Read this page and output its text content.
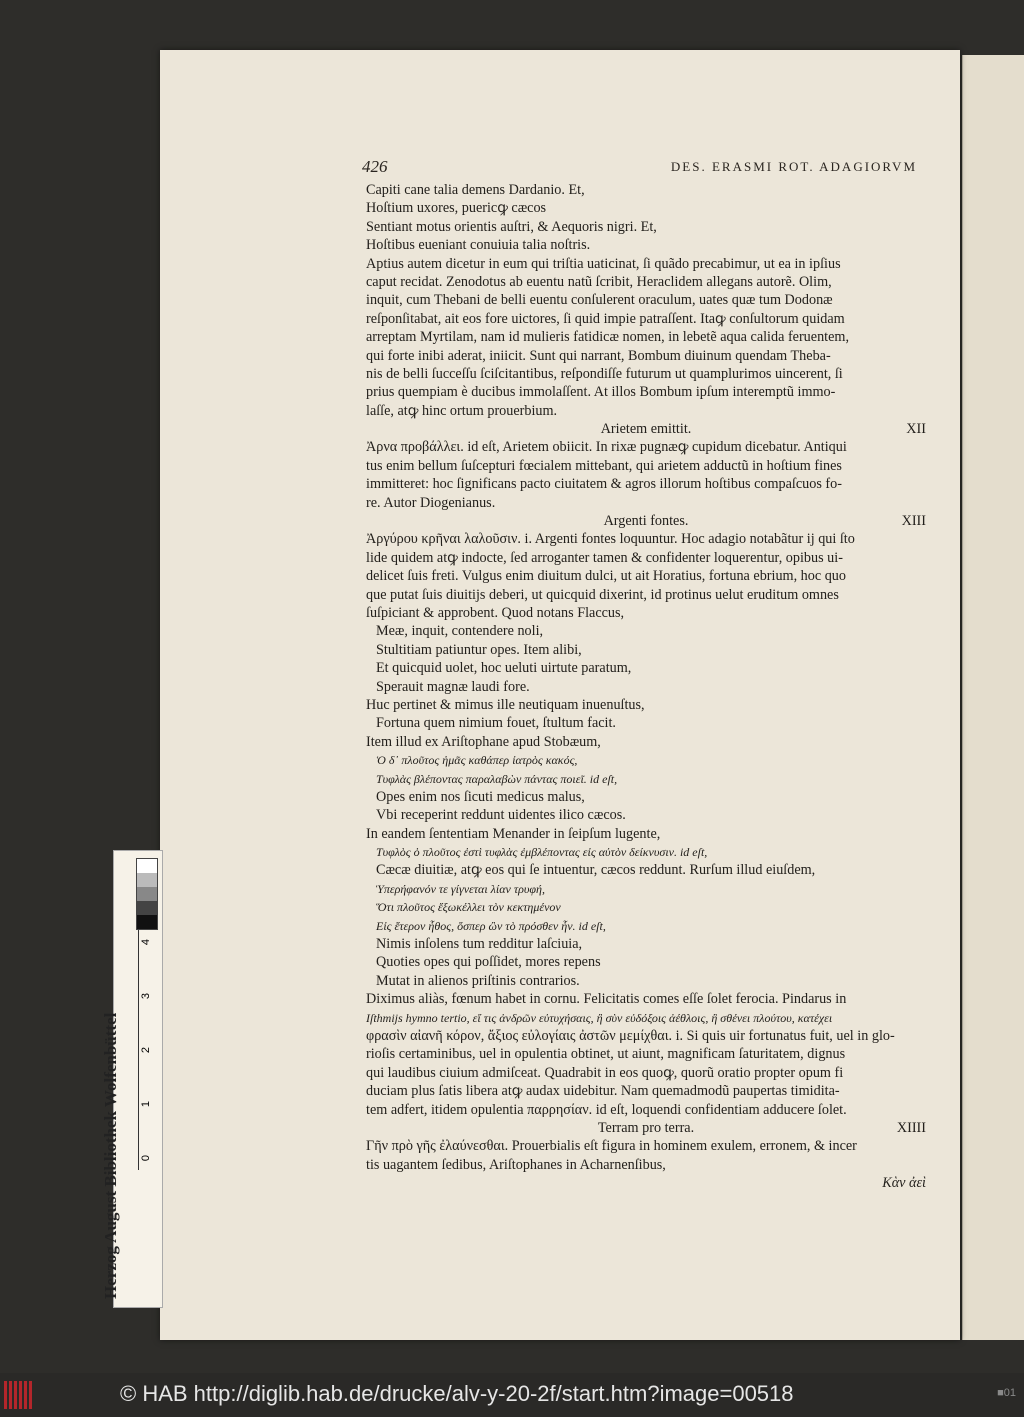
426	DES. ERASMI ROT. ADAGIORVM
Capiti cane talia demens Dardanio. Et,
Hoſtium uxores, puericꝙ cæcos
Sentiant motus orientis auſtri, & Aequoris nigri. Et,
Hoſtibus eueniant conuiuia talia noſtris.
Aptius autem dicetur in eum qui triſtia uaticinat, ſi quãdo precabimur, ut ea in ipſius
caput recidat. Zenodotus ab euentu natũ ſcribit, Heraclidem allegans autorẽ. Olim,
inquit, cum Thebani de belli euentu conſulerent oraculum, uates quæ tum Dodonæ
reſponſitabat, ait eos fore uictores, ſi quid impie patraſſent. Itaꝙ conſultorum quidam
arreptam Myrtilam, nam id mulieris fatidicæ nomen, in lebetẽ aqua calida feruentem,
qui forte inibi aderat, iniicit. Sunt qui narrant, Bombum diuinum quendam Theba-
nis de belli ſucceſſu ſciſcitantibus, reſpondiſſe futurum ut quamplurimos uincerent, ſi
prius quempiam è ducibus immolaſſent. At illos Bombum ipſum interemptũ immo-
laſſe, atꝙ hinc ortum prouerbium.
Arietem emittit.	XII
Ἀρνα προβάλλει. id eſt, Arietem obiicit. In rixæ pugnæꝙ cupidum dicebatur. Antiqui
tus enim bellum ſuſcepturi fœcialem mittebant, qui arietem adductũ in hoſtium fines
immitteret: hoc ſignificans pacto ciuitatem & agros illorum hoſtibus compaſcuos fo-
re. Autor Diogenianus.
Argenti fontes.	XIII
Ἀργύρου κρῆναι λαλοῦσιν. i. Argenti fontes loquuntur. Hoc adagio notabãtur ij qui ſto
lide quidem atꝙ indocte, ſed arroganter tamen & confidenter loquerentur, opibus ui-
delicet ſuis freti. Vulgus enim diuitum dulci, ut ait Horatius, fortuna ebrium, hoc quo
que putat ſuis diuitijs deberi, ut quicquid dixerint, id protinus uelut eruditum omnes
ſuſpiciant & approbent. Quod notans Flaccus,
Meæ, inquit, contendere noli,
Stultitiam patiuntur opes. Item alibi,
Et quicquid uolet, hoc ueluti uirtute paratum,
Sperauit magnæ laudi fore.
Huc pertinet & mimus ille neutiquam inuenuſtus,
Fortuna quem nimium fouet, ſtultum facit.
Item illud ex Ariſtophane apud Stobæum,
Ὁ δ᾽ πλοῦτος ἡμᾶς καθάπερ ἰατρὸς κακός,
Τυφλὰς βλέποντας παραλαβὼν πάντας ποιεῖ. id eſt,
Opes enim nos ſicuti medicus malus,
Vbi receperint reddunt uidentes ilico cæcos.
In eandem ſententiam Menander in ſeipſum lugente,
Τυφλὸς ὁ πλοῦτος ἐστὶ τυφλὰς ἐμβλέποντας εἰς αὐτὸν δείκνυσιν. id eſt,
Cæcæ diuitiæ, atꝙ eos qui ſe intuentur, cæcos reddunt. Rurſum illud eiuſdem,
Ὑπερήφανόν τε γίγνεται λίαν τρυφή,
Ὅτι πλοῦτος ἔξωκέλλει τὸν κεκτημένον
Εἰς ἕτερον ἦθος, ὅσπερ ὢν τὸ πρόσθεν ἦν. id eſt,
Nimis inſolens tum redditur laſciuia,
Quoties opes qui poſſidet, mores repens
Mutat in alienos priſtinis contrarios.
Diximus aliàs, fœnum habet in cornu. Felicitatis comes eſſe ſolet ferocia. Pindarus in
Iſthmijs hymno tertio, εἴ τις ἀνδρῶν εὐτυχήσαις, ἢ σὺν εὐδόξοις ἀέθλοις, ἢ σθένει πλούτου, κατέχει
φρασὶν αἰανῆ κόρον, ἄξιος εὐλογίαις ἀστῶν μεμίχθαι. i. Si quis uir fortunatus fuit, uel in glo-
rioſis certaminibus, uel in opulentia obtinet, ut aiunt, magnificam ſaturitatem, dignus
qui laudibus ciuium admiſceat. Quadrabit in eos quoꝙ, quorũ oratio propter opum fi
duciam plus ſatis libera atꝙ audax uidebitur. Nam quemadmodũ paupertas timidita-
tem adfert, itidem opulentia παρρησίαν. id eſt, loquendi confidentiam adducere ſolet.
Terram pro terra.	XIIII
Γῆν πρὸ γῆς ἐλαύνεσθαι. Prouerbialis eſt figura in hominem exulem, erronem, & incer
tis uagantem ſedibus, Ariſtophanes in Acharnenſibus,
Κὰν ἀεὶ
Herzog August Bibliothek Wolfenbüttel 0
1
2
3
4
© HAB http://diglib.hab.de/drucke/alv-y-20-2f/start.htm?image=00518	■01
